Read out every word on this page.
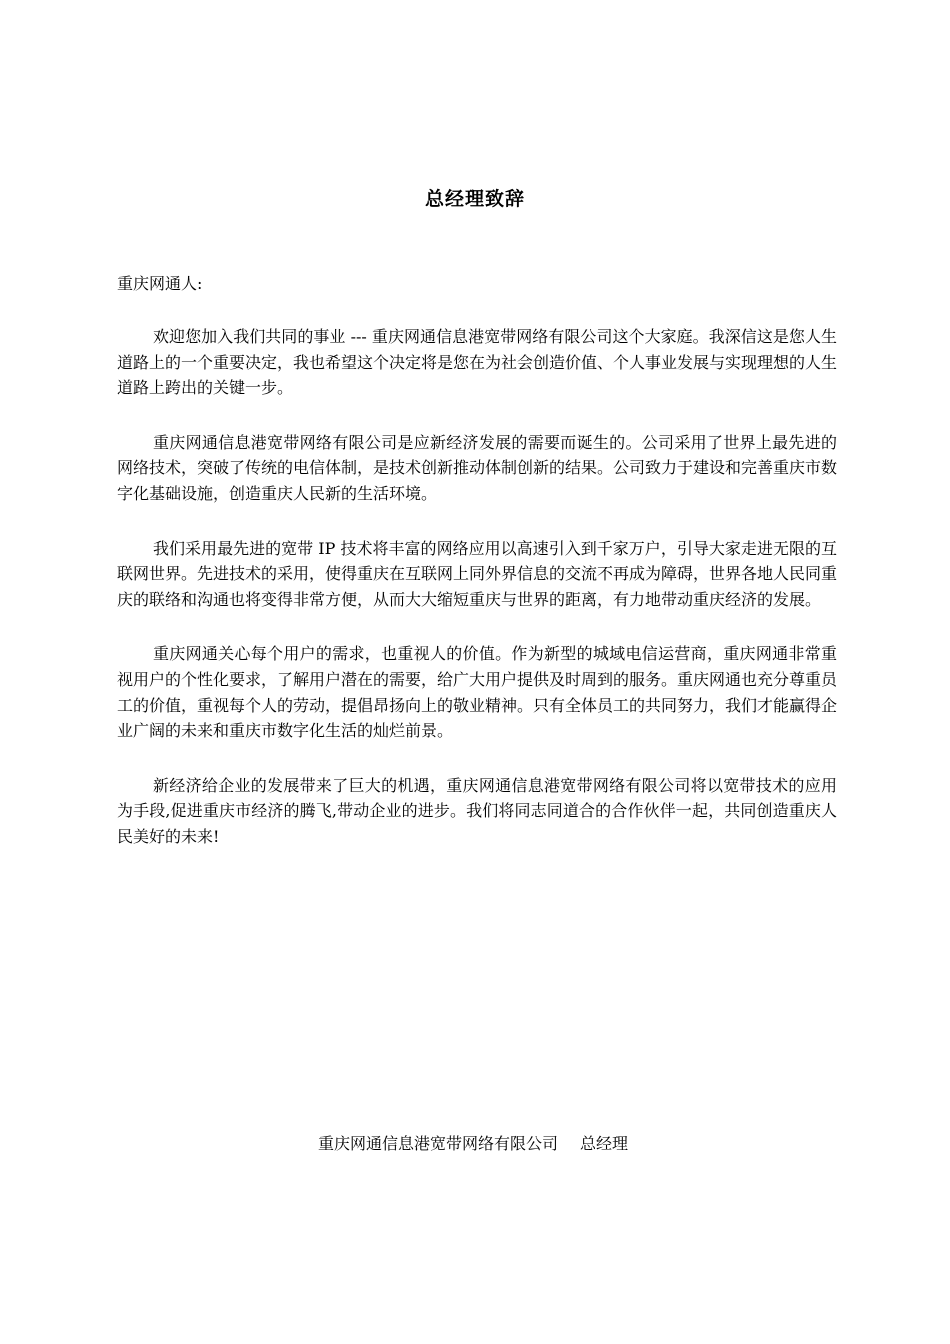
总经理致辞
重庆网通人:

欢迎您加入我们共同的事业 --- 重庆网通信息港宽带网络有限公司这个大家庭。我深信这是您人生道路上的一个重要决定，我也希望这个决定将是您在为社会创造价值、个人事业发展与实现理想的人生道路上跨出的关键一步。

重庆网通信息港宽带网络有限公司是应新经济发展的需要而诞生的。公司采用了世界上最先进的网络技术，突破了传统的电信体制，是技术创新推动体制创新的结果。公司致力于建设和完善重庆市数字化基础设施，创造重庆人民新的生活环境。

我们采用最先进的宽带 IP 技术将丰富的网络应用以高速引入到千家万户，引导大家走进无限的互联网世界。先进技术的采用，使得重庆在互联网上同外界信息的交流不再成为障碍，世界各地人民同重庆的联络和沟通也将变得非常方便，从而大大缩短重庆与世界的距离，有力地带动重庆经济的发展。

重庆网通关心每个用户的需求，也重视人的价值。作为新型的城域电信运营商，重庆网通非常重视用户的个性化要求，了解用户潜在的需要，给广大用户提供及时周到的服务。重庆网通也充分尊重员工的价值，重视每个人的劳动，提倡昂扬向上的敬业精神。只有全体员工的共同努力，我们才能赢得企业广阔的未来和重庆市数字化生活的灿烂前景。

新经济给企业的发展带来了巨大的机遇，重庆网通信息港宽带网络有限公司将以宽带技术的应用为手段,促进重庆市经济的腾飞,带动企业的进步。我们将同志同道合的合作伙伴一起，共同创造重庆人民美好的未来!

重庆网通信息港宽带网络有限公司 总经理
